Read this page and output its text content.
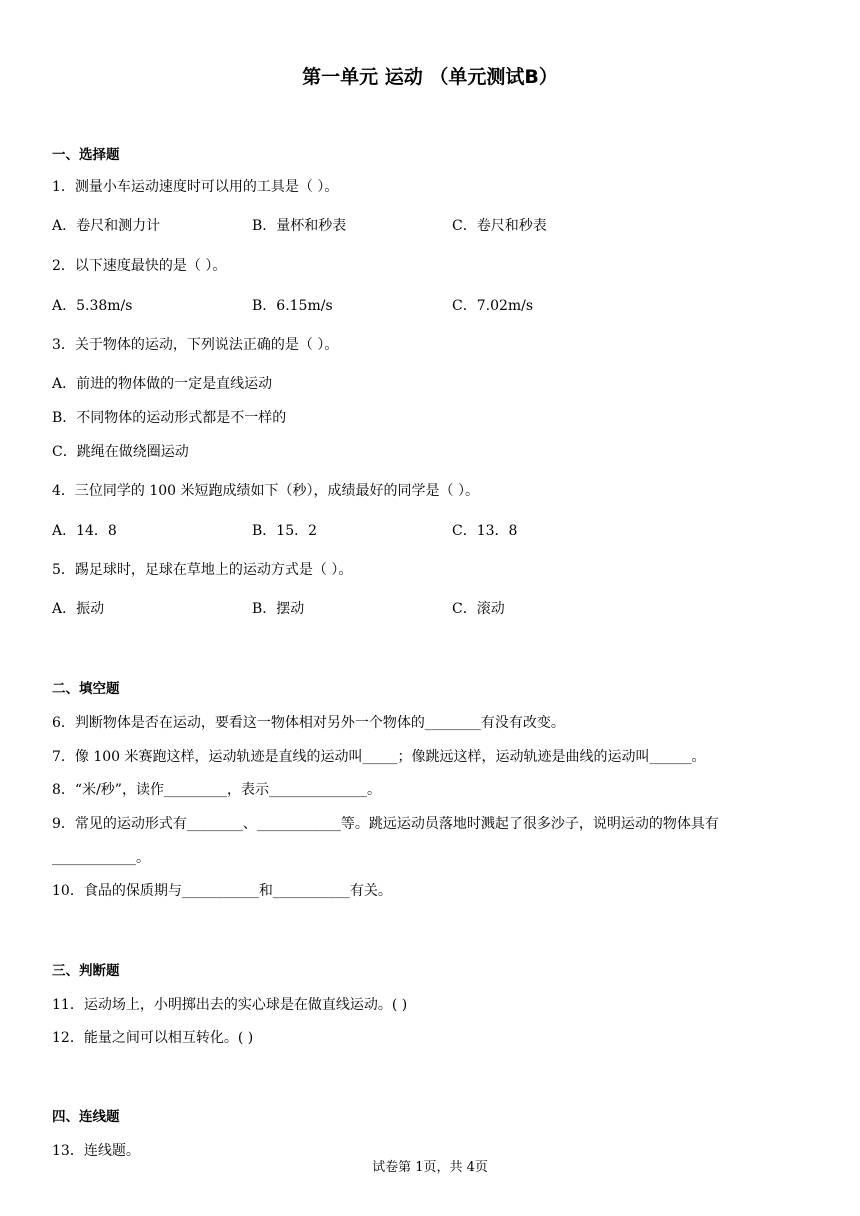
第一单元 运动 （单元测试B）
一、选择题
1．测量小车运动速度时可以用的工具是（ ）。
A．卷尺和测力计	B．量杯和秒表	C．卷尺和秒表
2．以下速度最快的是（ ）。
A．5.38m/s	B．6.15m/s	C．7.02m/s
3．关于物体的运动，下列说法正确的是（ ）。
A．前进的物体做的一定是直线运动
B．不同物体的运动形式都是不一样的
C．跳绳在做绕圈运动
4．三位同学的 100 米短跑成绩如下（秒），成绩最好的同学是（ ）。
A．14．8	B．15．2	C．13．8
5．踢足球时，足球在草地上的运动方式是（ ）。
A．振动	B．摆动	C．滚动
二、填空题
6．判断物体是否在运动，要看这一物体相对另外一个物体的________有没有改变。
7．像 100 米赛跑这样，运动轨迹是直线的运动叫_____；像跳远这样，运动轨迹是曲线的运动叫______。
8．“米/秒”，读作_________，表示______________。
9．常见的运动形式有________、____________等。跳远运动员落地时溅起了很多沙子，说明运动的物体具有
____________。
10．食品的保质期与___________和___________有关。
三、判断题
11．运动场上，小明掷出去的实心球是在做直线运动。( )
12．能量之间可以相互转化。( )
四、连线题
13．连线题。
试卷第 1页，共 4页
